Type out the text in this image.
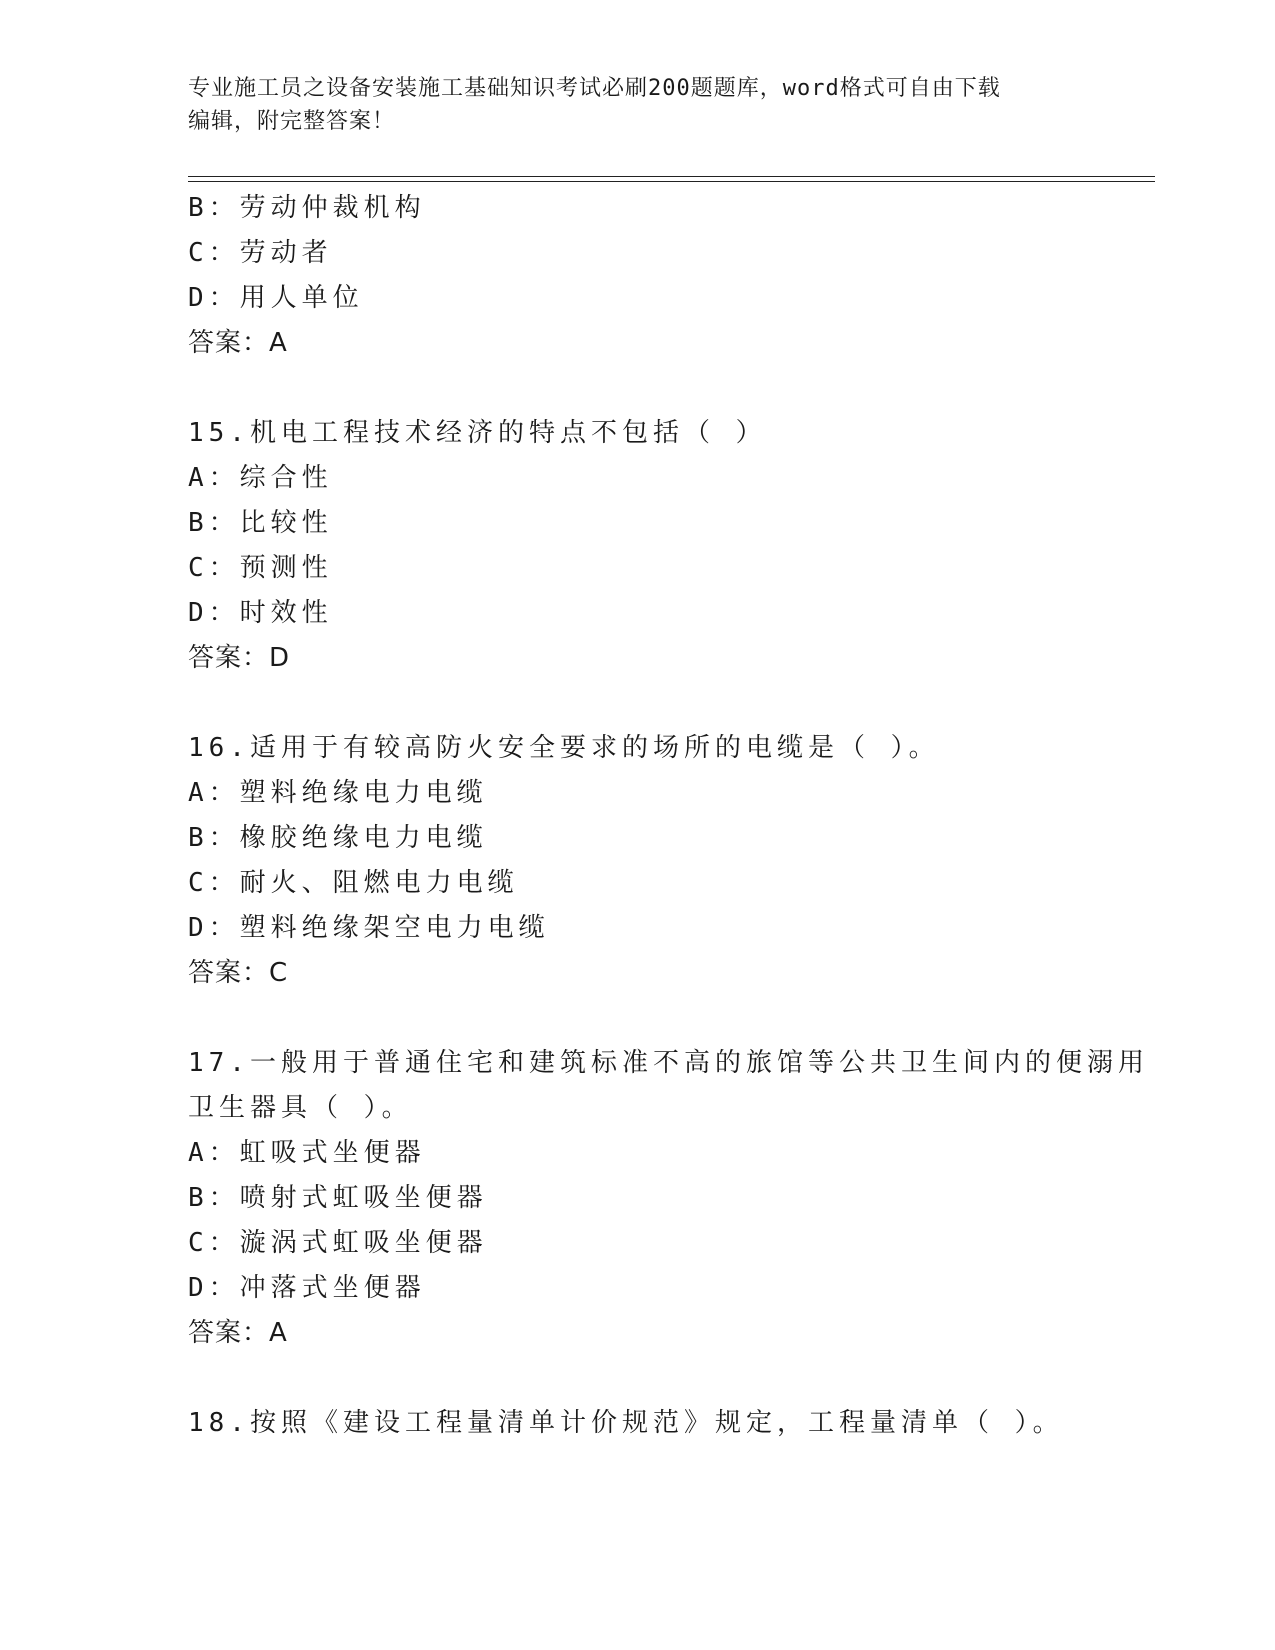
专业施工员之设备安装施工基础知识考试必刷200题题库，word格式可自由下载
编辑，附完整答案！
B：劳动仲裁机构
C：劳动者
D：用人单位
答案：A
15.机电工程技术经济的特点不包括（ ）
A：综合性
B：比较性
C：预测性
D：时效性
答案：D
16.适用于有较高防火安全要求的场所的电缆是（ ）。
A：塑料绝缘电力电缆
B：橡胶绝缘电力电缆
C：耐火、阻燃电力电缆
D：塑料绝缘架空电力电缆
答案：C
17.一般用于普通住宅和建筑标准不高的旅馆等公共卫生间内的便溺用
卫生器具（ ）。
A：虹吸式坐便器
B：喷射式虹吸坐便器
C：漩涡式虹吸坐便器
D：冲落式坐便器
答案：A
18.按照《建设工程量清单计价规范》规定，工程量清单（ ）。
